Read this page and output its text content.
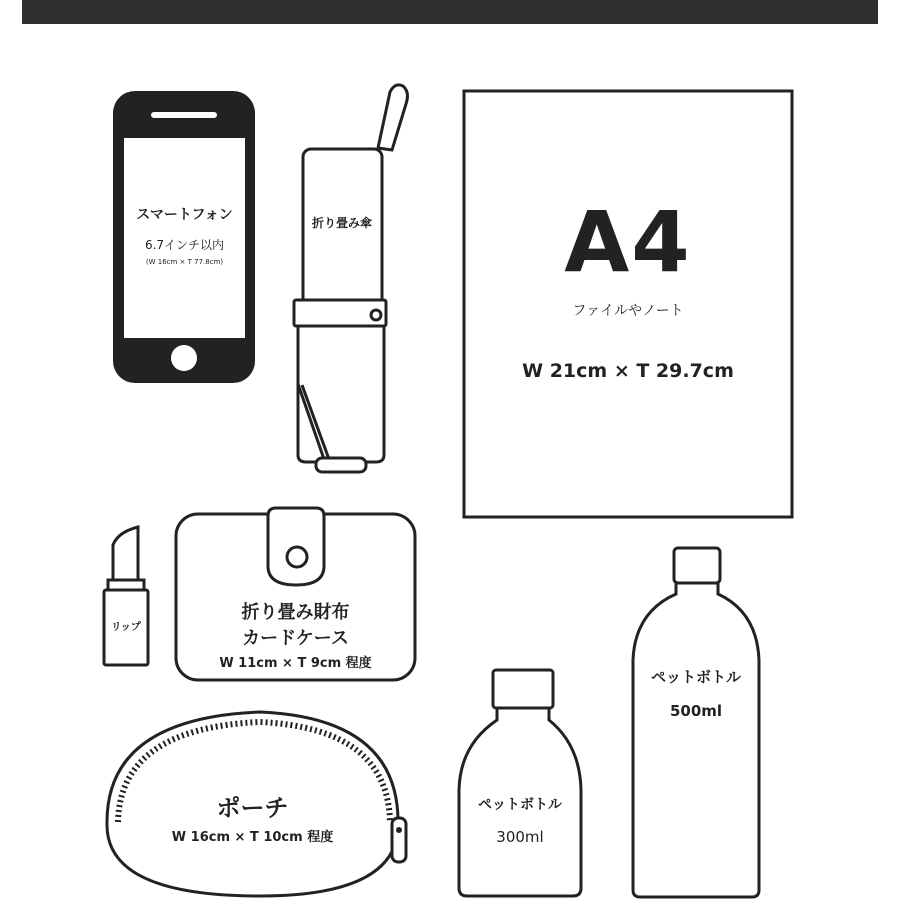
スマートフォン
6.7インチ以内
(W 16cm × T 77.8cm)
折り畳み傘	A4
ファイルやノート
W 21cm × T 29.7cm
リップ
折り畳み財布
カードケース
W 11cm × T 9cm 程度
ポーチ
W 16cm × T 10cm 程度
ペットボトル
300ml
ペットボトル
500ml
